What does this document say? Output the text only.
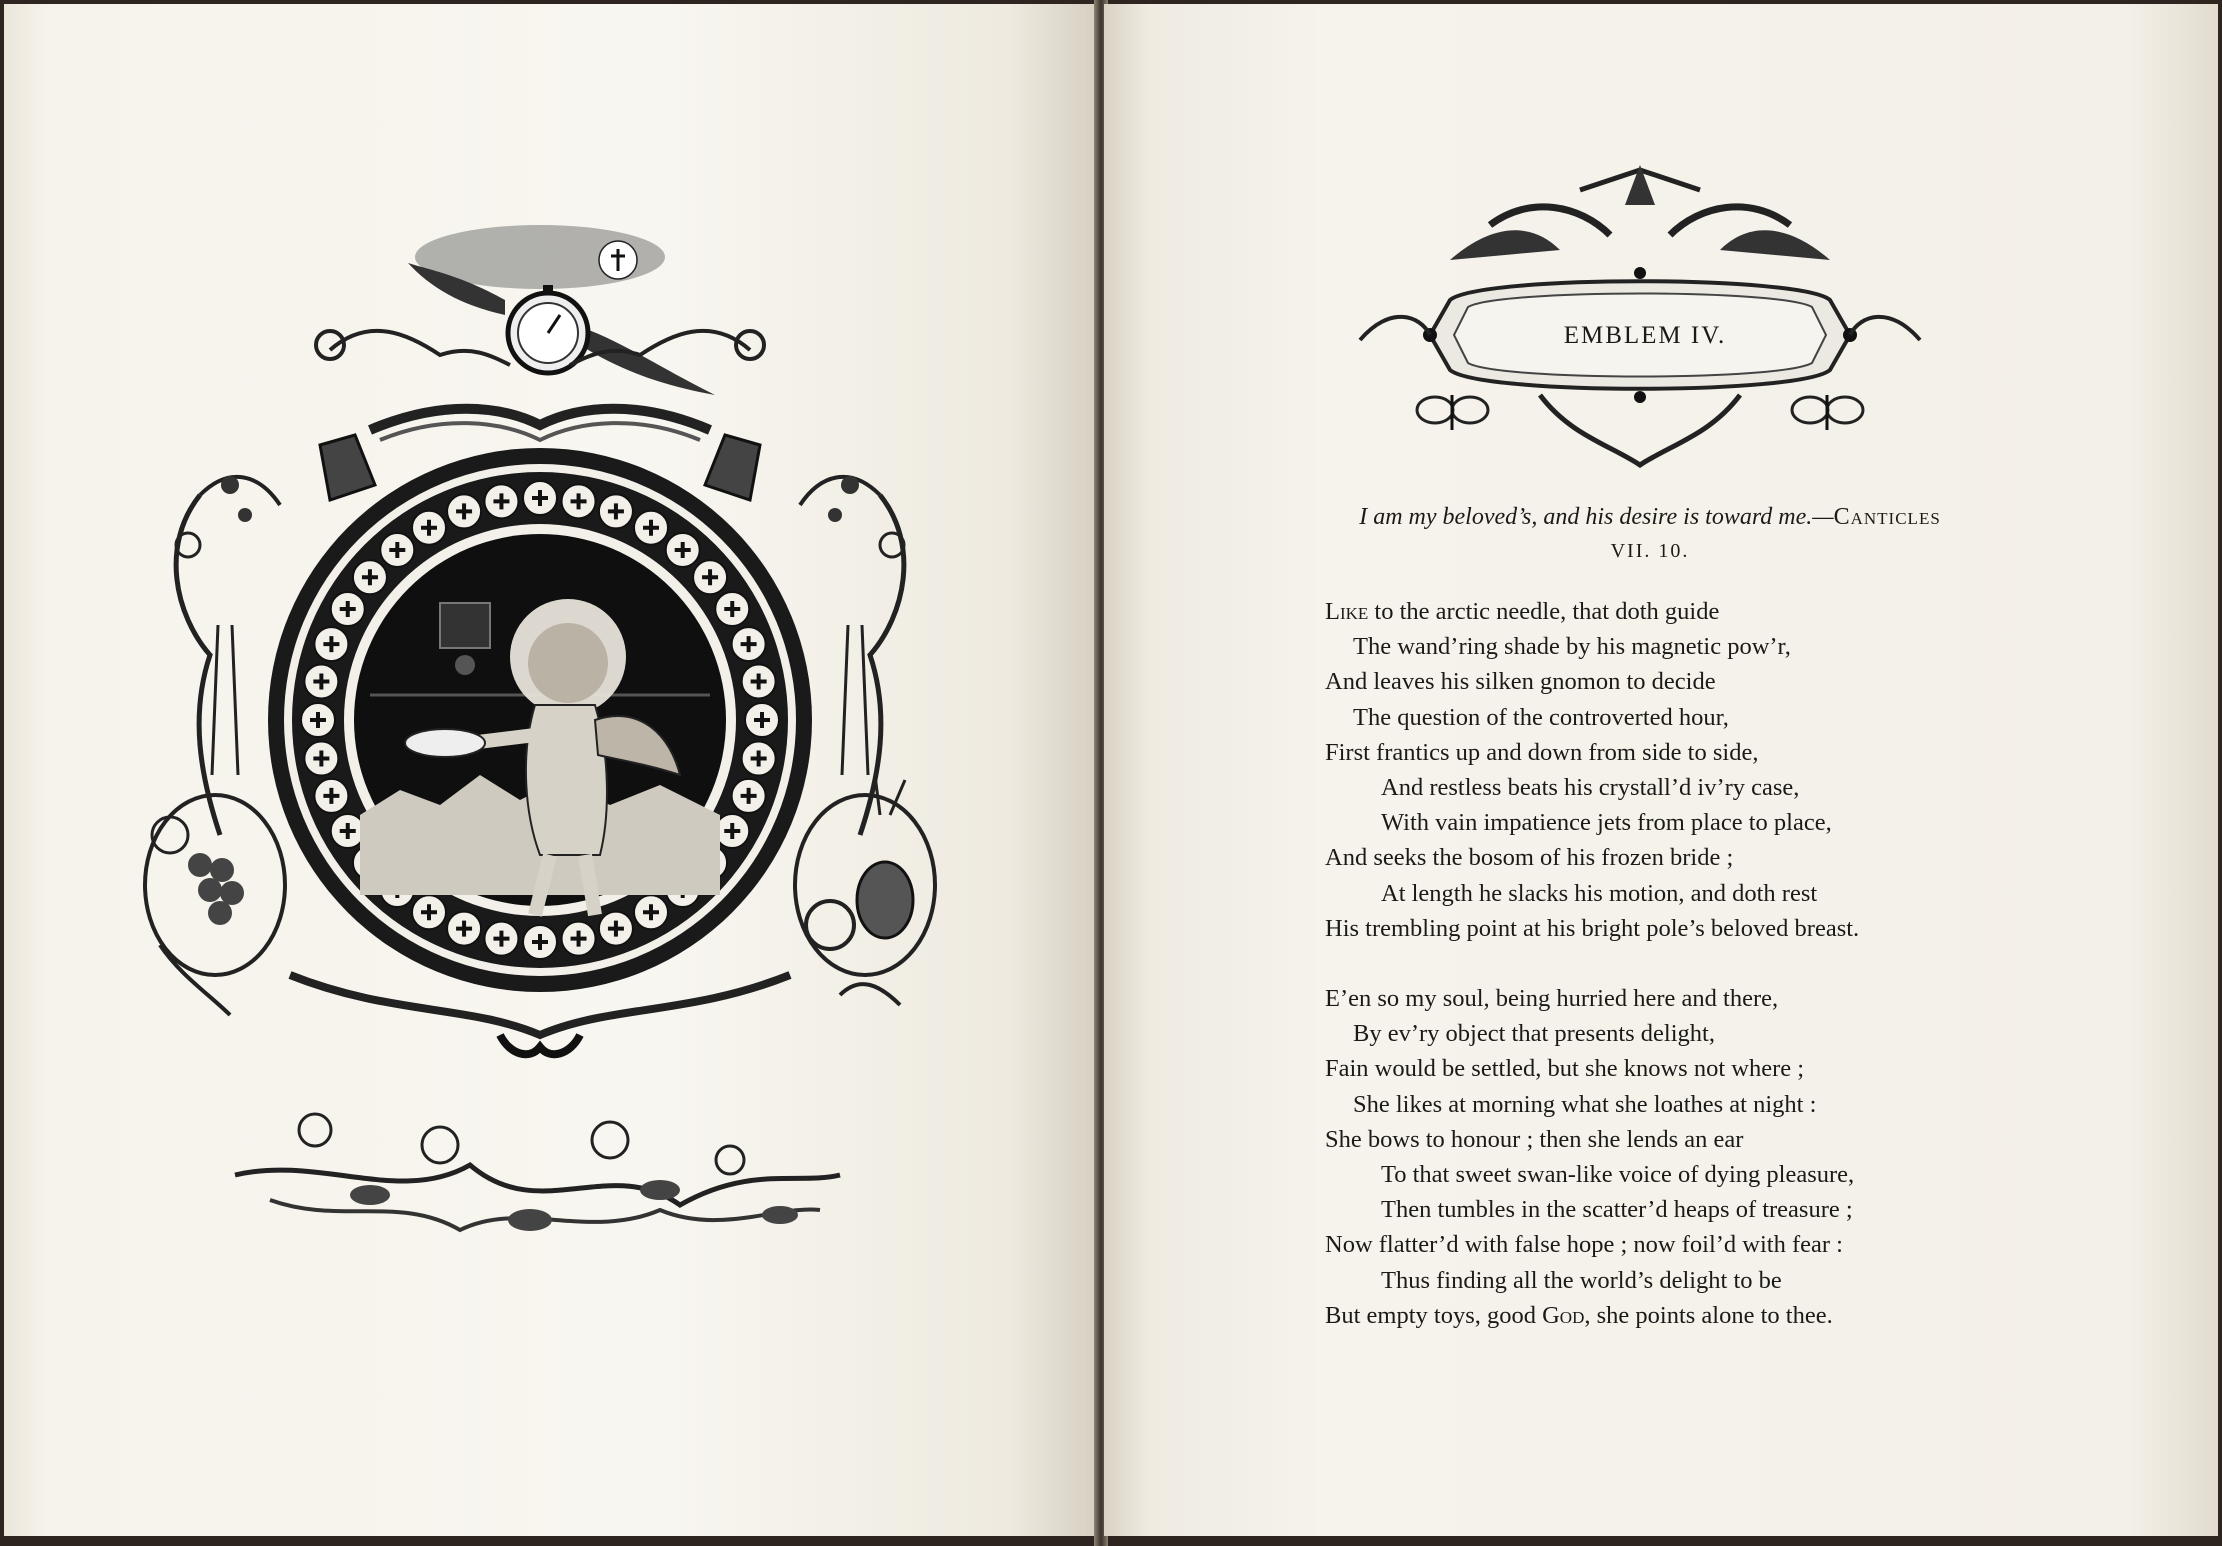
EMBLEM IV.
I am my beloved’s, and his desire is toward me.—Canticles
VII. 10.
Like to the arctic needle, that doth guide
The wand’ring shade by his magnetic pow’r,
And leaves his silken gnomon to decide
The question of the controverted hour,
First frantics up and down from side to side,
And restless beats his crystall’d iv’ry case,
With vain impatience jets from place to place,
And seeks the bosom of his frozen bride ;
At length he slacks his motion, and doth rest
His trembling point at his bright pole’s beloved breast.
E’en so my soul, being hurried here and there,
By ev’ry object that presents delight,
Fain would be settled, but she knows not where ;
She likes at morning what she loathes at night :
She bows to honour ; then she lends an ear
To that sweet swan-like voice of dying pleasure,
Then tumbles in the scatter’d heaps of treasure ;
Now flatter’d with false hope ; now foil’d with fear :
Thus finding all the world’s delight to be
But empty toys, good God, she points alone to thee.
